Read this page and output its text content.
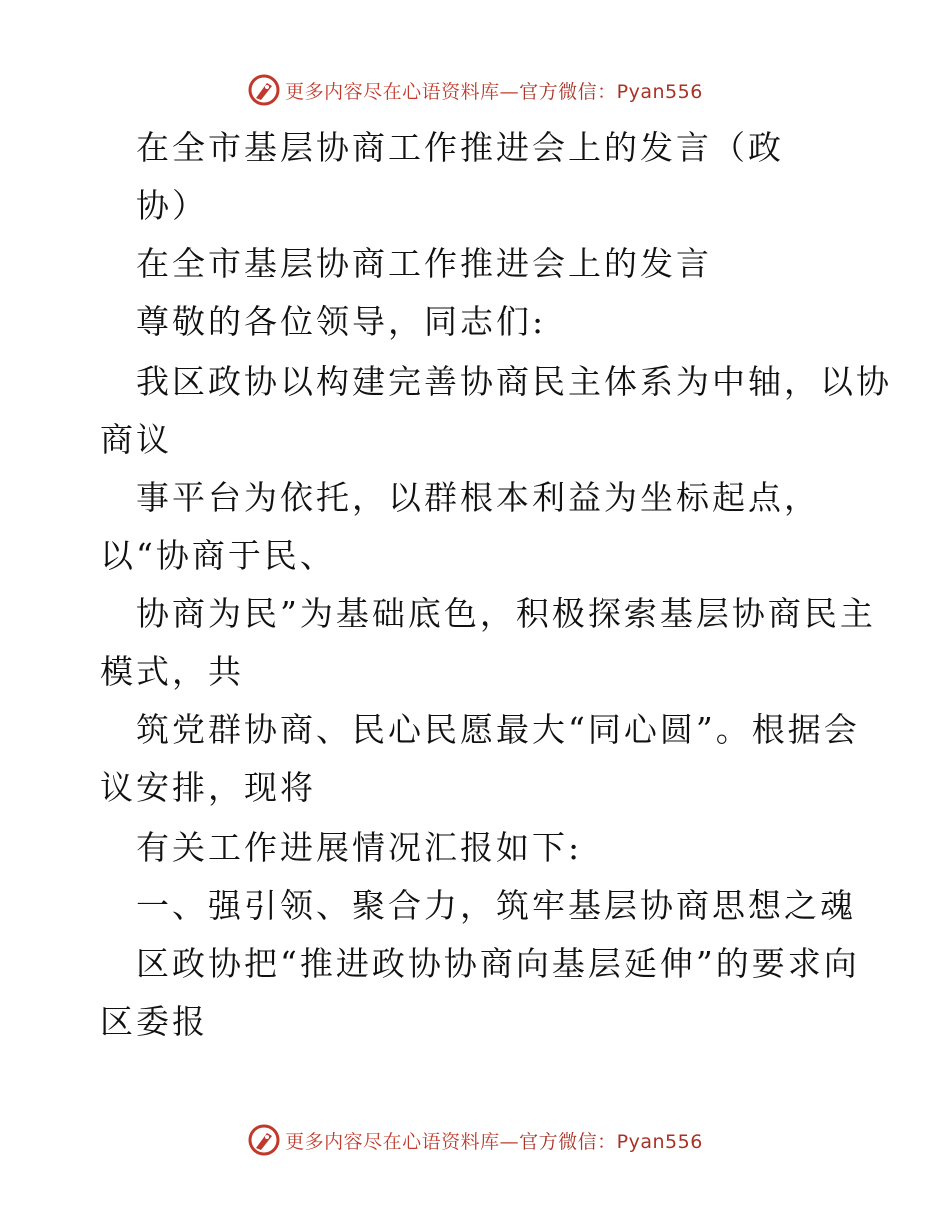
更多内容尽在心语资料库—官方微信：Pyan556
在全市基层协商工作推进会上的发言（政
协）
在全市基层协商工作推进会上的发言
尊敬的各位领导，同志们:
我区政协以构建完善协商民主体系为中轴，以协
商议
事平台为依托，以群根本利益为坐标起点，
以“协商于民、
协商为民”为基础底色，积极探索基层协商民主
模式，共
筑党群协商、民心民愿最大“同心圆”。根据会
议安排，现将
有关工作进展情况汇报如下:
一、强引领、聚合力，筑牢基层协商思想之魂
区政协把“推进政协协商向基层延伸”的要求向
区委报
更多内容尽在心语资料库—官方微信：Pyan556
